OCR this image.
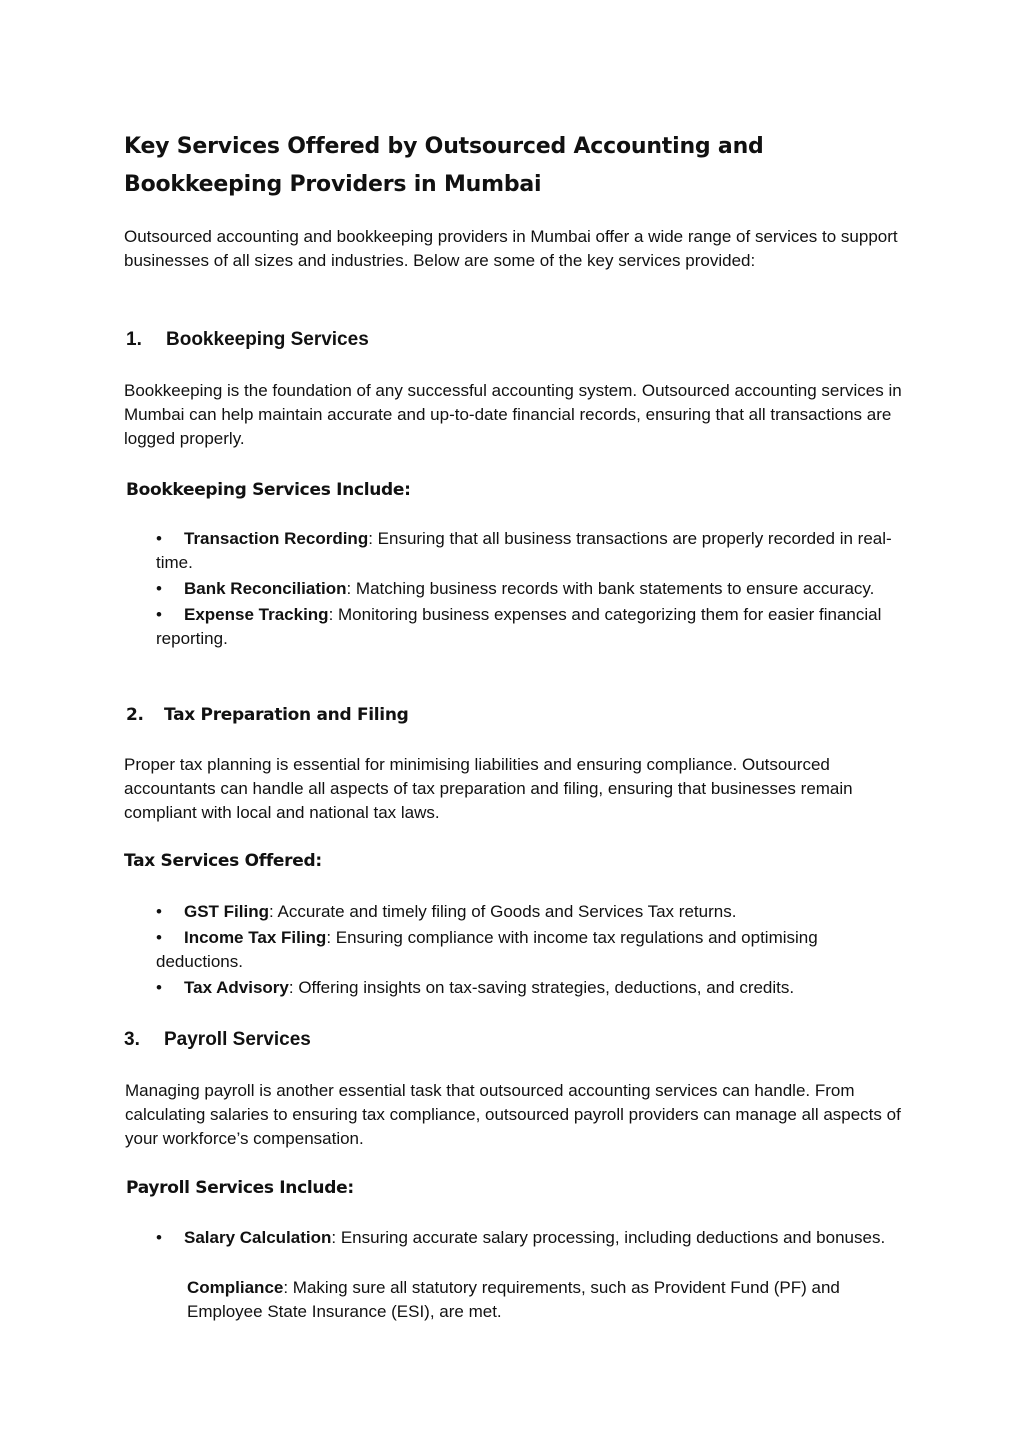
Key Services Offered by Outsourced Accounting and Bookkeeping Providers in Mumbai

Outsourced accounting and bookkeeping providers in Mumbai offer a wide range of services to support businesses of all sizes and industries. Below are some of the key services provided:

1. Bookkeeping Services

Bookkeeping is the foundation of any successful accounting system. Outsourced accounting services in Mumbai can help maintain accurate and up-to-date financial records, ensuring that all transactions are logged properly.

Bookkeeping Services Include:
• Transaction Recording: Ensuring that all business transactions are properly recorded in real-time.
• Bank Reconciliation: Matching business records with bank statements to ensure accuracy.
• Expense Tracking: Monitoring business expenses and categorizing them for easier financial reporting.
2. Tax Preparation and Filing

Proper tax planning is essential for minimising liabilities and ensuring compliance. Outsourced accountants can handle all aspects of tax preparation and filing, ensuring that businesses remain compliant with local and national tax laws.

Tax Services Offered:
• GST Filing: Accurate and timely filing of Goods and Services Tax returns.
• Income Tax Filing: Ensuring compliance with income tax regulations and optimising deductions.
• Tax Advisory: Offering insights on tax-saving strategies, deductions, and credits.
3. Payroll Services

Managing payroll is another essential task that outsourced accounting services can handle. From calculating salaries to ensuring tax compliance, outsourced payroll providers can manage all aspects of your workforce’s compensation.

Payroll Services Include:
• Salary Calculation: Ensuring accurate salary processing, including deductions and bonuses.

Compliance: Making sure all statutory requirements, such as Provident Fund (PF) and Employee State Insurance (ESI), are met.
